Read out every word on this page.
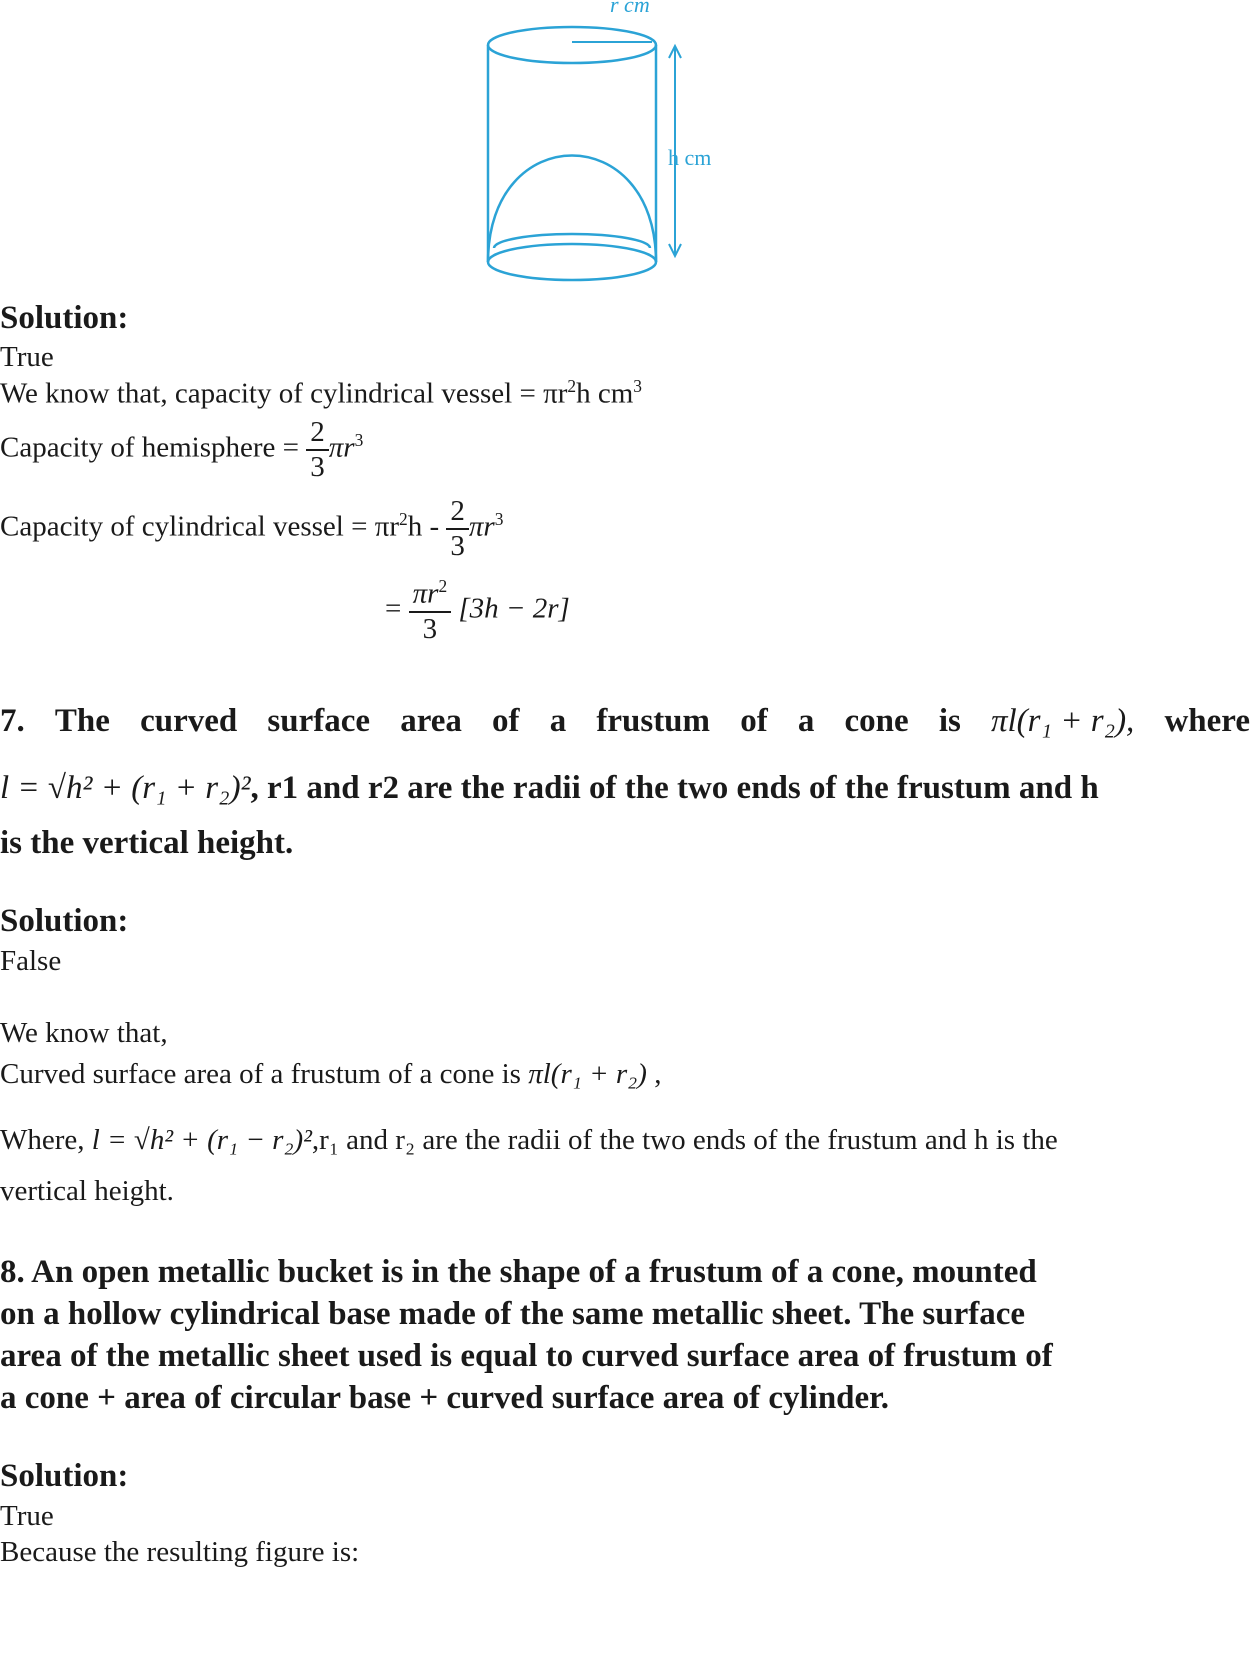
r cm
h cm
Solution:
True
We know that, capacity of cylindrical vessel = $\pi r^2h$ $cm^3$
Capacity of hemisphere = $\frac{2}{3} \pi r^3$
Capacity of cylindrical vessel = $\pi r^2h - \frac{2}{3} \pi r^3$
= $\frac{\pi r^2}{3} [3h - 2r]$
7. The curved surface area of a frustum of a cone is πl(r₁ + r₂), where
l = √h² + (r₁ + r₂)², r1 and r2 are the radii of the two ends of the frustum and h
is the vertical height.
Solution:
False
We know that,
Curved surface area of a frustum of a cone is πl(r₁ + r₂) ,
Where, l = √h² + (r₁ − r₂)²,r₁ and r₂ are the radii of the two ends of the frustum and h is the
vertical height.
8. An open metallic bucket is in the shape of a frustum of a cone, mounted
on a hollow cylindrical base made of the same metallic sheet. The surface
area of the metallic sheet used is equal to curved surface area of frustum of
a cone + area of circular base + curved surface area of cylinder.
Solution:
True
Because the resulting figure is:
